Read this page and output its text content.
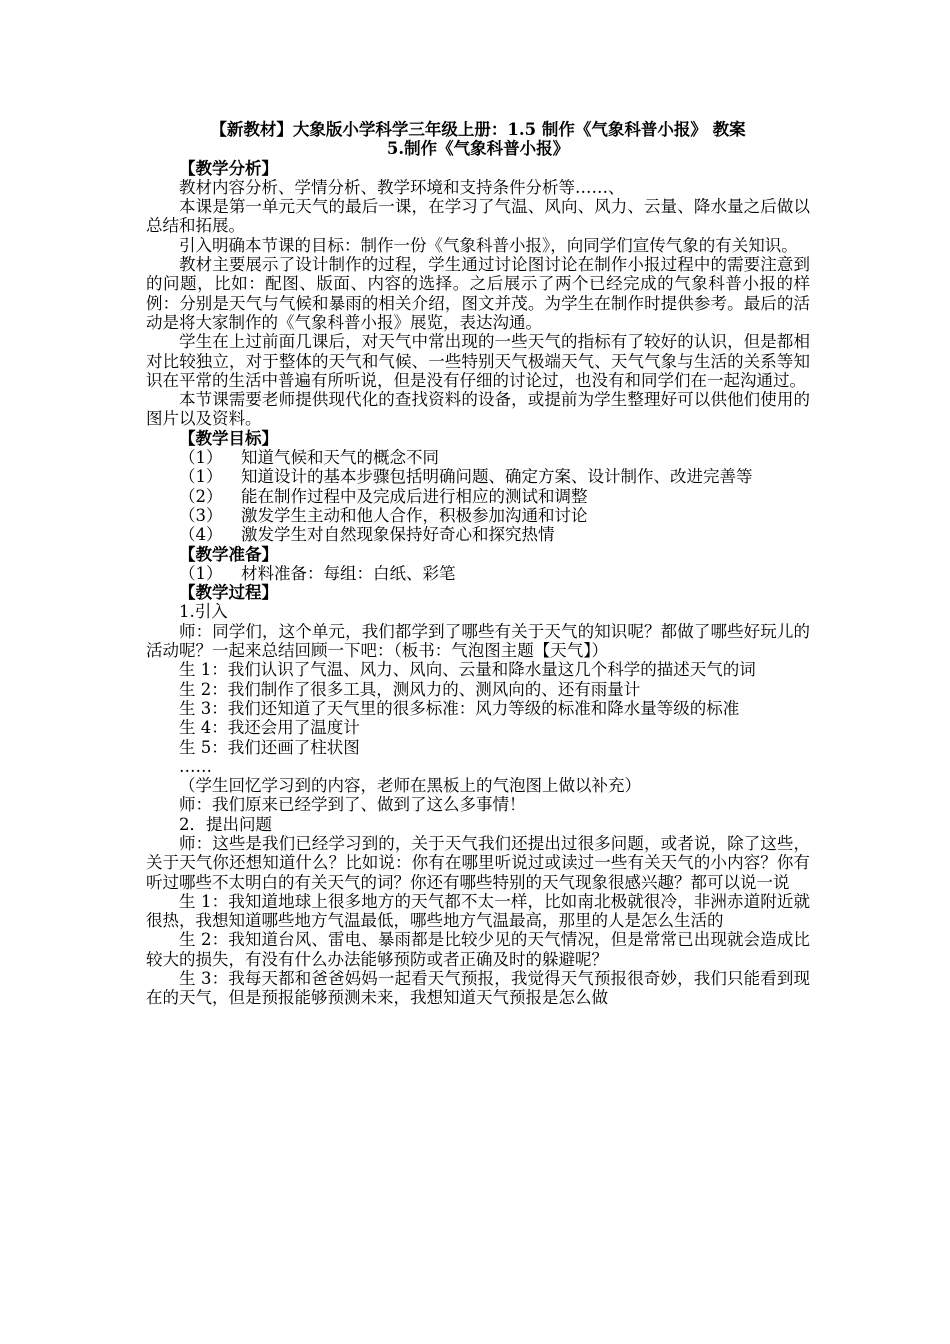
【新教材】大象版小学科学三年级上册：1.5 制作《气象科普小报》 教案
5.制作《气象科普小报》
【教学分析】
教材内容分析、学情分析、教学环境和支持条件分析等……、
本课是第一单元天气的最后一课，在学习了气温、风向、风力、云量、降水量之后做以总结和拓展。
引入明确本节课的目标：制作一份《气象科普小报》，向同学们宣传气象的有关知识。
教材主要展示了设计制作的过程，学生通过讨论图讨论在制作小报过程中的需要注意到的问题，比如：配图、版面、内容的选择。之后展示了两个已经完成的气象科普小报的样例：分别是天气与气候和暴雨的相关介绍，图文并茂。为学生在制作时提供参考。最后的活动是将大家制作的《气象科普小报》展览，表达沟通。
学生在上过前面几课后，对天气中常出现的一些天气的指标有了较好的认识，但是都相对比较独立，对于整体的天气和气候、一些特别天气极端天气、天气气象与生活的关系等知识在平常的生活中普遍有所听说，但是没有仔细的讨论过，也没有和同学们在一起沟通过。
本节课需要老师提供现代化的查找资料的设备，或提前为学生整理好可以供他们使用的图片以及资料。
【教学目标】
（1） 知道气候和天气的概念不同
（1） 知道设计的基本步骤包括明确问题、确定方案、设计制作、改进完善等
（2） 能在制作过程中及完成后进行相应的测试和调整
（3） 激发学生主动和他人合作，积极参加沟通和讨论
（4） 激发学生对自然现象保持好奇心和探究热情
【教学准备】
（1） 材料准备：每组：白纸、彩笔
【教学过程】
1.引入
师：同学们，这个单元，我们都学到了哪些有关于天气的知识呢？都做了哪些好玩儿的活动呢？一起来总结回顾一下吧：（板书：气泡图主题【天气】）
生 1：我们认识了气温、风力、风向、云量和降水量这几个科学的描述天气的词
生 2：我们制作了很多工具，测风力的、测风向的、还有雨量计
生 3：我们还知道了天气里的很多标准：风力等级的标准和降水量等级的标准
生 4：我还会用了温度计
生 5：我们还画了柱状图
……
（学生回忆学习到的内容，老师在黑板上的气泡图上做以补充）
师：我们原来已经学到了、做到了这么多事情！
2．提出问题
师：这些是我们已经学习到的，关于天气我们还提出过很多问题，或者说，除了这些，关于天气你还想知道什么？比如说：你有在哪里听说过或读过一些有关天气的小内容？你有听过哪些不太明白的有关天气的词？你还有哪些特别的天气现象很感兴趣？都可以说一说
生 1：我知道地球上很多地方的天气都不太一样，比如南北极就很冷，非洲赤道附近就很热，我想知道哪些地方气温最低，哪些地方气温最高，那里的人是怎么生活的
生 2：我知道台风、雷电、暴雨都是比较少见的天气情况，但是常常已出现就会造成比较大的损失，有没有什么办法能够预防或者正确及时的躲避呢？
生 3：我每天都和爸爸妈妈一起看天气预报，我觉得天气预报很奇妙，我们只能看到现在的天气，但是预报能够预测未来，我想知道天气预报是怎么做
